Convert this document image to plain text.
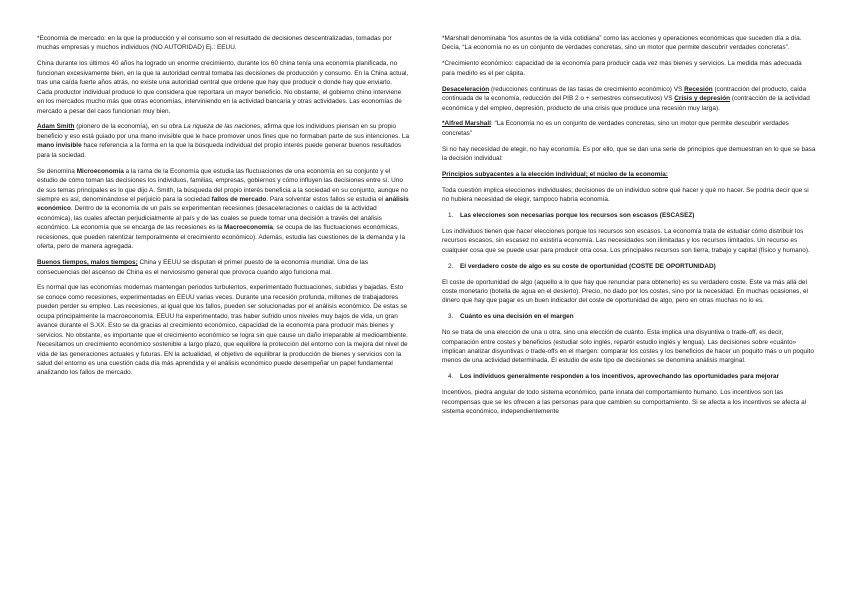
*Economía de mercado: en la que la producción y el consumo son el resultado de decisiones descentralizadas, tomadas por muchas empresas y muchos individuos (NO AUTORIDAD) Ej.: EEUU.

China durante los últimos 40 años ha logrado un enorme crecimiento, durante los 60 china tenía una economía planificada, no funcionan excesivamente bien, en la que la autoridad central tomaba las decisiones de producción y consumo. En la China actual, tras una caída fuerte años atrás, no existe una autoridad central que ordene que hay que producir o donde hay que enviarlo. Cada productor individual produce lo que considera que reportara un mayor beneficio. No obstante, el gobierno chino interviene en los mercados mucho más que otras economías, interviniendo en la actividad bancaria y otras actividades. Las economías de mercado a pesar del caos funcionan muy bien.

Adam Smith (pionero de la economía), en su obra La riqueza de las naciones, afirma que los individuos piensan en su propio beneficio y eso está guiado por una mano invisible que le hace promover unos fines que no formaban parte de sus intenciones. La mano invisible hace referencia a la forma en la que la búsqueda individual del propio interés puede generar buenos resultados para la sociedad.

Se denomina Microeconomía a la rama de la Economía que estudia las fluctuaciones de una economía en su conjunto y el estudio de cómo toman las decisiones los individuos, familias, empresas, gobiernos y cómo influyen las decisiones entre sí. Uno de sus temas principales es lo que dijo A. Smith, la búsqueda del propio interés beneficia a la sociedad en su conjunto, aunque no siempre es así, denominándose el perjuicio para la sociedad fallos de mercado. Para solventar estos fallos se estudia el análisis económico. Dentro de la economía de un país se experimentan recesiones (desaceleraciones o caídas de la actividad económica), las cuales afectan perjudicialmente al país y de las cuales se puede tomar una decisión a través del análisis económico. La economía que se encarga de las recesiones es la Macroeconomía, se ocupa de las fluctuaciones económicas, recesiones, que pueden ralentizar temporalmente el crecimiento económico). Además, estudia las cuestiones de la demanda y la oferta, pero de manera agregada.

Buenos tiempos, malos tiempos; China y EEUU se disputan el primer puesto de la economía mundial. Una de las consecuencias del ascenso de China es el nerviosismo general que provoca cuando algo funciona mal.

Es normal que las economías modernas mantengan periodos turbulentos, experimentado fluctuaciones, subidas y bajadas. Esto se conoce como recesiones, experimentadas en EEUU varias veces. Durante una recesión profunda, millones de trabajadores pueden perder su empleo. Las recesiones, al igual que los fallos, pueden ser solucionadas por el análisis económico. De estas se ocupa principalmente la macroeconomía. EEUU ha experimentado, tras haber sufrido unos niveles muy bajos de vida, un gran avance durante el S.XX. Esto se da gracias al crecimiento económico, capacidad de la economía para producir más bienes y servicios. No obstante, es importante que el crecimiento económico se logra sin que cause un daño irreparable al medioambiente. Necesitamos un crecimiento económico sostenible a largo plazo, que equilibre la protección del entorno con la mejora del nivel de vida de las generaciones actuales y futuras. EN la actualidad, el objetivo de equilibrar la producción de bienes y servicios con la salud del entorno es una cuestión cada día más aprendida y el análisis económico puede desempeñar un papel fundamental analizando los fallos de mercado.

*Marshall denominaba “los asuntos de la vida cotidiana” como las acciones y operaciones económicas que suceden día a día. Decía, “La economía no es un conjunto de verdades concretas, sino un motor que permite descubrir verdades concretas”.

*Crecimiento económico: capacidad de la economía para producir cada vez más bienes y servicios. La medida más adecuada para medirlo es el per cápita.

Desaceleración (reducciones continuas de las tasas de crecimiento económico) VS Recesión (contracción del producto, caída continuada de la economía, reducción del PIB 2 o + semestres consecutivos) VS Crisis y depresión (contracción de la actividad económica y del empleo, depresión, producto de una crisis que produce una recesión muy larga).

*Alfred Marshall: “La Economía no es un conjunto de verdades concretas, sino un motor que permite descubrir verdades concretas”

Si no hay necesidad de elegir, no hay economía. Es por ello, que se dan una serie de principios que demuestran en lo que se basa la decisión individual:

Principios subyacentes a la elección individual; el núcleo de la economía:

Toda cuestión implica elecciones individuales; decisiones de un individuo sobre qué hacer y qué no hacer. Se podría decir que si no hubiera necesidad de elegir, tampoco habría economía.

1. Las elecciones son necesarias porque los recursos son escasos (ESCASEZ)

Los individuos tienen que hacer elecciones porque los recursos son escasos. La economía trata de estudiar cómo distribuir los recursos escasos, sin escasez no existiría economía. Las necesidades son ilimitadas y los recursos limitados. Un recurso es cualquier cosa que se puede usar para producir otra cosa. Los principales recursos son tierra, trabajo y capital (físico y humano).

2. El verdadero coste de algo es su coste de oportunidad (COSTE DE OPORTUNIDAD)

El coste de oportunidad de algo (aquello a lo que hay que renunciar para obtenerlo) es su verdadero coste. Este va más allá del coste monetario (botella de agua en el desierto). Precio, no dado por los costes, sino por la necesidad. En muchas ocasiones, el dinero que hay que pagar es un buen indicador del coste de oportunidad de algo, pero en otras muchas no lo es.

3. Cuánto es una decisión en el margen

No se trata de una elección de una u otra, sino una elección de cuánto. Esta implica una disyuntiva o trade-off, es decir, comparación entre costes y beneficios (estudiar solo inglés, repartir estudio inglés y lengua). Las decisiones sobre «cuánto» implican analizar disyuntivas o trade-offs en el margen: comparar los costes y los beneficios de hacer un poquito más o un poquito menos de una actividad determinada. El estudio de este tipo de decisiones se denomina análisis marginal.

4. Los individuos generalmente responden a los incentivos, aprovechando las oportunidades para mejorar

Incentivos, piedra angular de todo sistema económico, parte innata del comportamiento humano. Los incentivos son las recompensas que se les ofrecen a las personas para que cambien su comportamiento. Si se afecta a los incentivos se afecta al sistema económico, independientemente
